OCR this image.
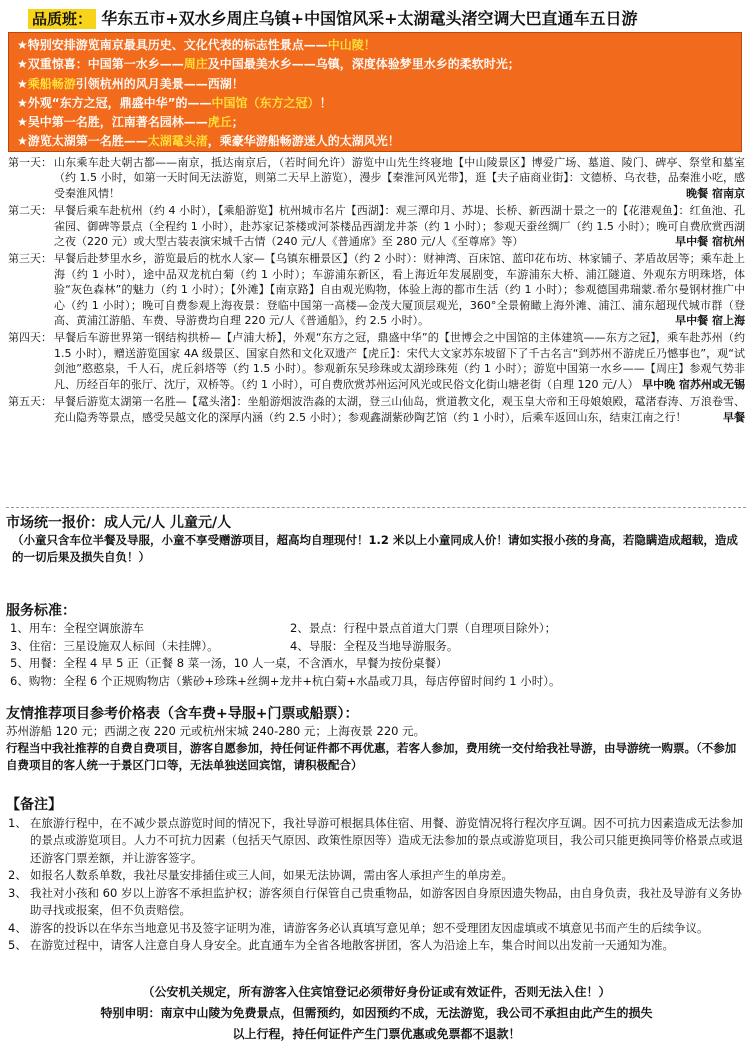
品质班： 华东五市+双水乡周庄乌镇+中国馆风采+太湖鼋头渚空调大巴直通车五日游
★特别安排游览南京最具历史、文化代表的标志性景点——中山陵！
★双重惊喜：中国第一水乡——周庄及中国最美水乡——乌镇，深度体验梦里水乡的柔软时光；
★乘船畅游引领杭州的风月美景——西湖！
★外观“东方之冠，鼎盛中华”的——中国馆（东方之冠）！
★吴中第一名胜，江南著名园林——虎丘；
★游览太湖第一名胜——太湖鼋头渚，乘豪华游船畅游迷人的太湖风光！
第一天： 山东乘车赴大朝古都——南京，抵达南京后，（若时间允许）游览中山先生终寝地【中山陵景区】博爱广场、墓道、陵门、碑亭、祭堂和墓室（约 1.5 小时，如第一天时间无法游览，则第二天早上游览），漫步【秦淮河风光带】，逛【夫子庙商业街】：文德桥、乌衣巷，品秦淮小吃，感受秦淮风情！	晚餐 宿南京
第二天： 早餐后乘车赴杭州（约 4 小时），【乘船游览】杭州城市名片【西湖】：观三潭印月、苏堤、长桥、新西湖十景之一的【花港观鱼】：红鱼池、孔雀园、御碑等景点（全程约 1 小时），赴苏家记茶楼或河茶楼品西湖龙井茶（约 1 小时）；参观天蚕丝绸厂（约 1.5 小时）；晚可自费欣赏西湖之夜（220 元）或大型古装表演宋城千古情（240 元/人《普通席》至 280 元/人《至尊席》等）	早中餐 宿杭州
第三天： 早餐后赴梦里水乡，游览最后的枕水人家—【乌镇东栅景区】（约 2 小时）：财神湾、百床馆、蓝印花布坊、林家铺子、茅盾故居等；乘车赴上海（约 1 小时），途中品双龙杭白菊（约 1 小时）；车游浦东新区，看上海近年发展剧变，车游浦东大桥、浦江隧道、外观东方明珠塔，体验“灰色森林”的魅力（约 1 小时）；【外滩】【南京路】自由观光购物，体验上海的都市生活（约 1 小时）；参观德国弗瑞蒙.希尔曼钢材推广中心（约 1 小时）；晚可自费参观上海夜景：登临中国第一高楼—金茂大厦顶层观光，360°全景俯瞰上海外滩、浦江、浦东超现代城市群（登高、黄浦江游船、车费、导游费均自理 220 元/人《普通船》，约 2.5 小时）。	早中餐 宿上海
第四天： 早餐后车游世界第一钢结构拱桥—【卢浦大桥】，外观“东方之冠，鼎盛中华”的【世博会之中国馆的主体建筑——东方之冠】，乘车赴苏州（约 1.5 小时），赠送游览国家 4A 级景区、国家自然和文化双遗产【虎丘】：宋代大文家苏东坡留下了千古名言“到苏州不游虎丘乃憾事也”，观“试剑池”憨憨泉，千人石，虎丘斜塔等（约 1.5 小时）。参观新东吴珍珠或太湖珍珠苑（约 1 小时）；游览中国第一水乡——【周庄】参观气势非凡、历经百年的张厅、沈厅，双桥等。（约 1 小时），可自费欣赏苏州运河风光或民俗文化街山塘老街（自理 120 元/人） 早中晚 宿苏州或无锡
第五天： 早餐后游览太湖第一名胜—【鼋头渚】：坐船游烟波浩淼的太湖，登三山仙岛，赏道教文化，观玉皇大帝和王母娘娘殿，鼋渚春涛、万浪卷雪、充山隐秀等景点，感受吴越文化的深厚内涵（约 2.5 小时）；参观鑫湖紫砂陶艺馆（约 1 小时），后乘车返回山东，结束江南之行！	早餐
市场统一报价：成人元/人 儿童元/人
（小童只含车位半餐及导服，小童不享受赠游项目，超高均自理现付！1.2 米以上小童同成人价！请如实报小孩的身高，若隐瞒造成超载，造成的一切后果及损失自负！）
服务标准：
1、用车：全程空调旅游车	2、景点：行程中景点首道大门票（自理项目除外）；
3、住宿：三星设施双人标间（未挂牌）。	4、导服：全程及当地导游服务。
5、用餐：全程 4 早 5 正（正餐 8 菜一汤，10 人一桌，不含酒水，早餐为按份桌餐）
6、购物：全程 6 个正规购物店（紫砂+珍珠+丝绸+龙井+杭白菊+水晶或刀具，每店停留时间约 1 小时）。
友情推荐项目参考价格表（含车费+导服+门票或船票）：
苏州游船 120 元；西湖之夜 220 元或杭州宋城 240-280 元；上海夜景 220 元。
行程当中我社推荐的自费自费项目，游客自愿参加，持任何证件都不再优惠，若客人参加，费用统一交付给我社导游，由导游统一购票。（不参加自费项目的客人统一于景区门口等，无法单独送回宾馆，请积极配合）
【备注】
1、 在旅游行程中，在不减少景点游览时间的情况下，我社导游可根据具体住宿、用餐、游览情况将行程次序互调。因不可抗力因素造成无法参加的景点或游览项目。人力不可抗力因素（包括天气原因、政策性原因等）造成无法参加的景点或游览项目，我公司只能更换同等价格景点或退还游客门票差额，并让游客签字。
2、 如报名人数系单数，我社尽量安排插住或三人间，如果无法协调，需由客人承担产生的单房差。
3、 我社对小孩和 60 岁以上游客不承担监护权；游客须自行保管自己贵重物品，如游客因自身原因遗失物品，由自身负责，我社及导游有义务协助寻找或报案，但不负责赔偿。
4、 游客的投诉以在华东当地意见书及签字证明为准，请游客务必认真填写意见单；恕不受理团友因虚填或不填意见书而产生的后续争议。
5、 在游览过程中，请客人注意自身人身安全。此直通车为全省各地散客拼团，客人为沿途上车，集合时间以出发前一天通知为准。
（公安机关规定，所有游客入住宾馆登记必须带好身份证或有效证件，否则无法入住！）
特别申明：南京中山陵为免费景点，但需预约，如因预约不成，无法游览，我公司不承担由此产生的损失
以上行程，持任何证件产生门票优惠或免票都不退款！
